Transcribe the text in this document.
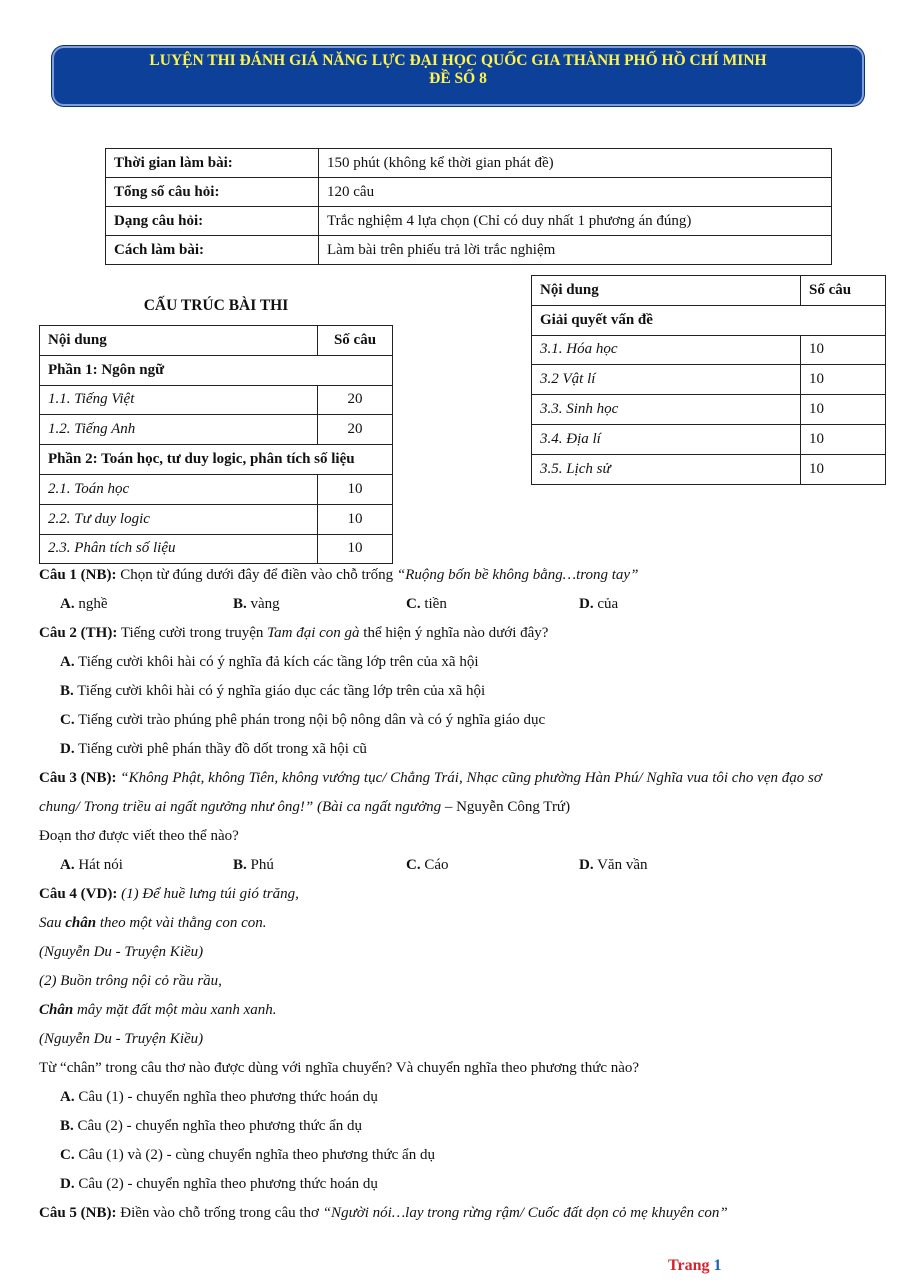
LUYỆN THI ĐÁNH GIÁ NĂNG LỰC ĐẠI HỌC QUỐC GIA THÀNH PHỐ HỒ CHÍ MINH
ĐỀ SỐ 8
Thời gian làm bài:	150 phút (không kể thời gian phát đề)
Tổng số câu hỏi:	120 câu
Dạng câu hỏi:	Trắc nghiệm 4 lựa chọn (Chỉ có duy nhất 1 phương án đúng)
Cách làm bài:	Làm bài trên phiếu trả lời trắc nghiệm
CẤU TRÚC BÀI THI
Nội dung	Số câu
Phần 1: Ngôn ngữ	
1.1. Tiếng Việt	20
1.2. Tiếng Anh	20
Phần 2: Toán học, tư duy logic, phân tích số liệu	
2.1. Toán học	10
2.2. Tư duy logic	10
2.3. Phân tích số liệu	10
Nội dung	Số câu
Giải quyết vấn đề	
3.1. Hóa học	10
3.2 Vật lí	10
3.3. Sinh học	10
3.4. Địa lí	10
3.5. Lịch sử	10
Câu 1 (NB): Chọn từ đúng dưới đây để điền vào chỗ trống “Ruộng bốn bề không bằng…trong tay”
A. nghề	B. vàng	C. tiền	D. của
Câu 2 (TH): Tiếng cười trong truyện Tam đại con gà thể hiện ý nghĩa nào dưới đây?
A. Tiếng cười khôi hài có ý nghĩa đả kích các tầng lớp trên của xã hội
B. Tiếng cười khôi hài có ý nghĩa giáo dục các tầng lớp trên của xã hội
C. Tiếng cười trào phúng phê phán trong nội bộ nông dân và có ý nghĩa giáo dục
D. Tiếng cười phê phán thầy đồ dốt trong xã hội cũ
Câu 3 (NB): “Không Phật, không Tiên, không vướng tục/ Chẳng Trái, Nhạc cũng phường Hàn Phú/ Nghĩa vua tôi cho vẹn đạo sơ
chung/ Trong triều ai ngất ngưởng như ông!” (Bài ca ngất ngưởng – Nguyễn Công Trứ)
Đoạn thơ được viết theo thể nào?
A. Hát nói	B. Phú	C. Cáo	D. Văn vần
Câu 4 (VD): (1) Để huề lưng túi gió trăng,
Sau chân theo một vài thằng con con.
(Nguyễn Du - Truyện Kiều)
(2) Buồn trông nội cỏ rầu rầu,
Chân mây mặt đất một màu xanh xanh.
(Nguyễn Du - Truyện Kiều)
Từ “chân” trong câu thơ nào được dùng với nghĩa chuyển? Và chuyển nghĩa theo phương thức nào?
A. Câu (1) - chuyển nghĩa theo phương thức hoán dụ
B. Câu (2) - chuyển nghĩa theo phương thức ẩn dụ
C. Câu (1) và (2) - cùng chuyển nghĩa theo phương thức ẩn dụ
D. Câu (2) - chuyển nghĩa theo phương thức hoán dụ
Câu 5 (NB): Điền vào chỗ trống trong câu thơ “Người nói…lay trong rừng rậm/ Cuốc đất dọn cỏ mẹ khuyên con”
Trang 1
